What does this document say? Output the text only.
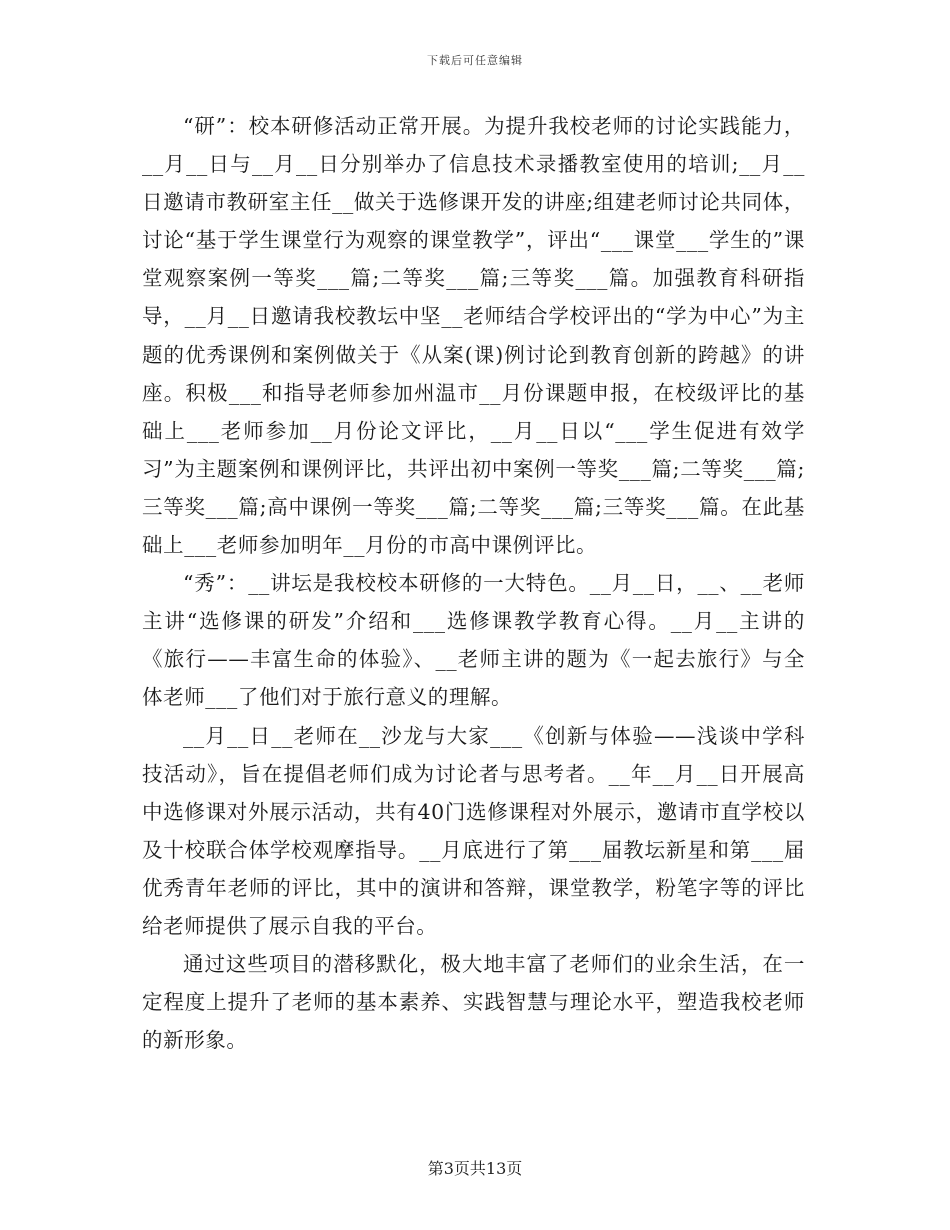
下载后可任意编辑

“研”：校本研修活动正常开展。为提升我校老师的讨论实践能力，__月__日与__月__日分别举办了信息技术录播教室使用的培训;__月__日邀请市教研室主任__做关于选修课开发的讲座;组建老师讨论共同体，讨论“基于学生课堂行为观察的课堂教学”，评出“___课堂___学生的”课堂观察案例一等奖___篇;二等奖___篇;三等奖___篇。加强教育科研指导，__月__日邀请我校教坛中坚__老师结合学校评出的“学为中心”为主题的优秀课例和案例做关于《从案(课)例讨论到教育创新的跨越》的讲座。积极___和指导老师参加州温市__月份课题申报，在校级评比的基础上___老师参加__月份论文评比，__月__日以“___学生促进有效学习”为主题案例和课例评比，共评出初中案例一等奖___篇;二等奖___篇;三等奖___篇;高中课例一等奖___篇;二等奖___篇;三等奖___篇。在此基础上___老师参加明年__月份的市高中课例评比。

“秀”：__讲坛是我校校本研修的一大特色。__月__日，__、__老师主讲“选修课的研发”介绍和___选修课教学教育心得。__月__主讲的《旅行——丰富生命的体验》、__老师主讲的题为《一起去旅行》与全体老师___了他们对于旅行意义的理解。

__月__日__老师在__沙龙与大家___《创新与体验——浅谈中学科技活动》，旨在提倡老师们成为讨论者与思考者。__年__月__日开展高中选修课对外展示活动，共有40门选修课程对外展示，邀请市直学校以及十校联合体学校观摩指导。__月底进行了第___届教坛新星和第___届优秀青年老师的评比，其中的演讲和答辩，课堂教学，粉笔字等的评比给老师提供了展示自我的平台。

通过这些项目的潜移默化，极大地丰富了老师们的业余生活，在一定程度上提升了老师的基本素养、实践智慧与理论水平，塑造我校老师的新形象。

第3页共13页
